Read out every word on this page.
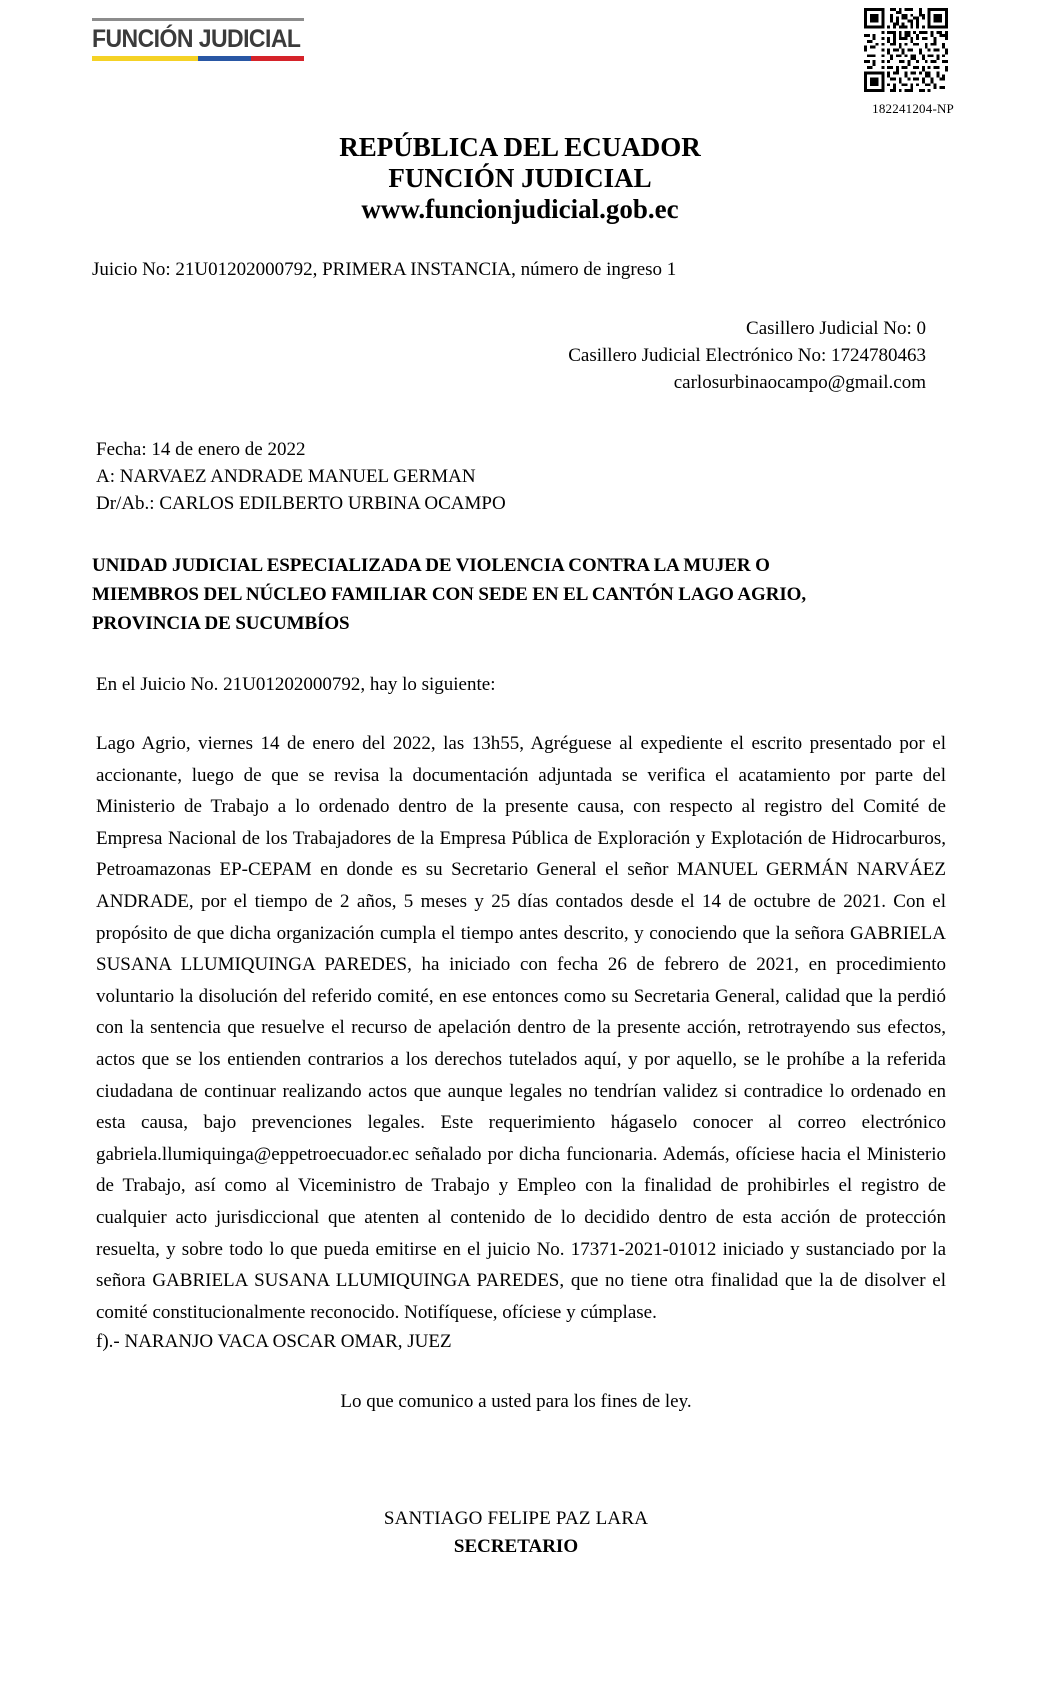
FUNCIÓN JUDICIAL
182241204-NP
REPÚBLICA DEL ECUADOR
FUNCIÓN JUDICIAL
www.funcionjudicial.gob.ec
Juicio No: 21U01202000792, PRIMERA INSTANCIA, número de ingreso 1
Casillero Judicial No: 0
Casillero Judicial Electrónico No: 1724780463
carlosurbinaocampo@gmail.com
Fecha: 14 de enero de 2022
A: NARVAEZ ANDRADE MANUEL GERMAN
Dr/Ab.: CARLOS EDILBERTO URBINA OCAMPO
UNIDAD JUDICIAL ESPECIALIZADA DE VIOLENCIA CONTRA LA MUJER O
MIEMBROS DEL NÚCLEO FAMILIAR CON SEDE EN EL CANTÓN LAGO AGRIO,
PROVINCIA DE SUCUMBÍOS
En el Juicio No. 21U01202000792, hay lo siguiente:
Lago Agrio, viernes 14 de enero del 2022, las 13h55, Agréguese al expediente el escrito presentado por el accionante, luego de que se revisa la documentación adjuntada se verifica el acatamiento por parte del Ministerio de Trabajo a lo ordenado dentro de la presente causa, con respecto al registro del Comité de Empresa Nacional de los Trabajadores de la Empresa Pública de Exploración y Explotación de Hidrocarburos, Petroamazonas EP-CEPAM en donde es su Secretario General el señor MANUEL GERMÁN NARVÁEZ ANDRADE, por el tiempo de 2 años, 5 meses y 25 días contados desde el 14 de octubre de 2021. Con el propósito de que dicha organización cumpla el tiempo antes descrito, y conociendo que la señora GABRIELA SUSANA LLUMIQUINGA PAREDES, ha iniciado con fecha 26 de febrero de 2021, en procedimiento voluntario la disolución del referido comité, en ese entonces como su Secretaria General, calidad que la perdió con la sentencia que resuelve el recurso de apelación dentro de la presente acción, retrotrayendo sus efectos, actos que se los entienden contrarios a los derechos tutelados aquí, y por aquello, se le prohíbe a la referida ciudadana de continuar realizando actos que aunque legales no tendrían validez si contradice lo ordenado en esta causa, bajo prevenciones legales. Este requerimiento hágaselo conocer al correo electrónico gabriela.llumiquinga@eppetroecuador.ec señalado por dicha funcionaria. Además, ofíciese hacia el Ministerio de Trabajo, así como al Viceministro de Trabajo y Empleo con la finalidad de prohibirles el registro de cualquier acto jurisdiccional que atenten al contenido de lo decidido dentro de esta acción de protección resuelta, y sobre todo lo que pueda emitirse en el juicio No. 17371-2021-01012 iniciado y sustanciado por la señora GABRIELA SUSANA LLUMIQUINGA PAREDES, que no tiene otra finalidad que la de disolver el comité constitucionalmente reconocido. Notifíquese, ofíciese y cúmplase.
f).- NARANJO VACA OSCAR OMAR, JUEZ
Lo que comunico a usted para los fines de ley.
SANTIAGO FELIPE PAZ LARA
SECRETARIO
